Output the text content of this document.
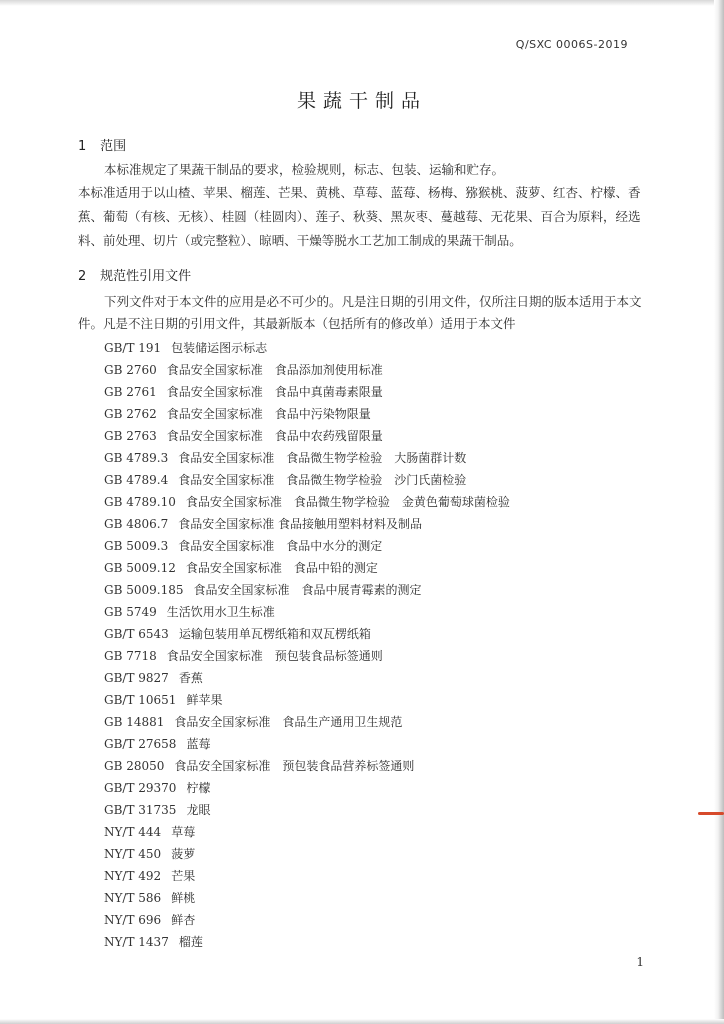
Q/SXC 0006S-2019
果蔬干制品
1 范围
本标准规定了果蔬干制品的要求，检验规则，标志、包装、运输和贮存。
本标准适用于以山楂、苹果、榴莲、芒果、黄桃、草莓、蓝莓、杨梅、猕猴桃、菠萝、红杏、柠檬、香蕉、葡萄（有核、无核）、桂圆（桂圆肉）、莲子、秋葵、黑灰枣、蔓越莓、无花果、百合为原料，经选料、前处理、切片（或完整粒）、晾晒、干燥等脱水工艺加工制成的果蔬干制品。
2 规范性引用文件
下列文件对于本文件的应用是必不可少的。凡是注日期的引用文件，仅所注日期的版本适用于本文件。凡是不注日期的引用文件，其最新版本（包括所有的修改单）适用于本文件
GB/T 191 包装储运图示标志
GB 2760 食品安全国家标准　食品添加剂使用标准
GB 2761 食品安全国家标准　食品中真菌毒素限量
GB 2762 食品安全国家标准　食品中污染物限量
GB 2763 食品安全国家标准　食品中农药残留限量
GB 4789.3 食品安全国家标准　食品微生物学检验　大肠菌群计数
GB 4789.4 食品安全国家标准　食品微生物学检验　沙门氏菌检验
GB 4789.10 食品安全国家标准　食品微生物学检验　金黄色葡萄球菌检验
GB 4806.7 食品安全国家标准 食品接触用塑料材料及制品
GB 5009.3 食品安全国家标准　食品中水分的测定
GB 5009.12 食品安全国家标准　食品中铅的测定
GB 5009.185 食品安全国家标准　食品中展青霉素的测定
GB 5749 生活饮用水卫生标准
GB/T 6543 运输包装用单瓦楞纸箱和双瓦楞纸箱
GB 7718 食品安全国家标准　预包装食品标签通则
GB/T 9827 香蕉
GB/T 10651 鲜苹果
GB 14881 食品安全国家标准　食品生产通用卫生规范
GB/T 27658 蓝莓
GB 28050 食品安全国家标准　预包装食品营养标签通则
GB/T 29370 柠檬
GB/T 31735 龙眼
NY/T 444 草莓
NY/T 450 菠萝
NY/T 492 芒果
NY/T 586 鲜桃
NY/T 696 鲜杏
NY/T 1437 榴莲
1
